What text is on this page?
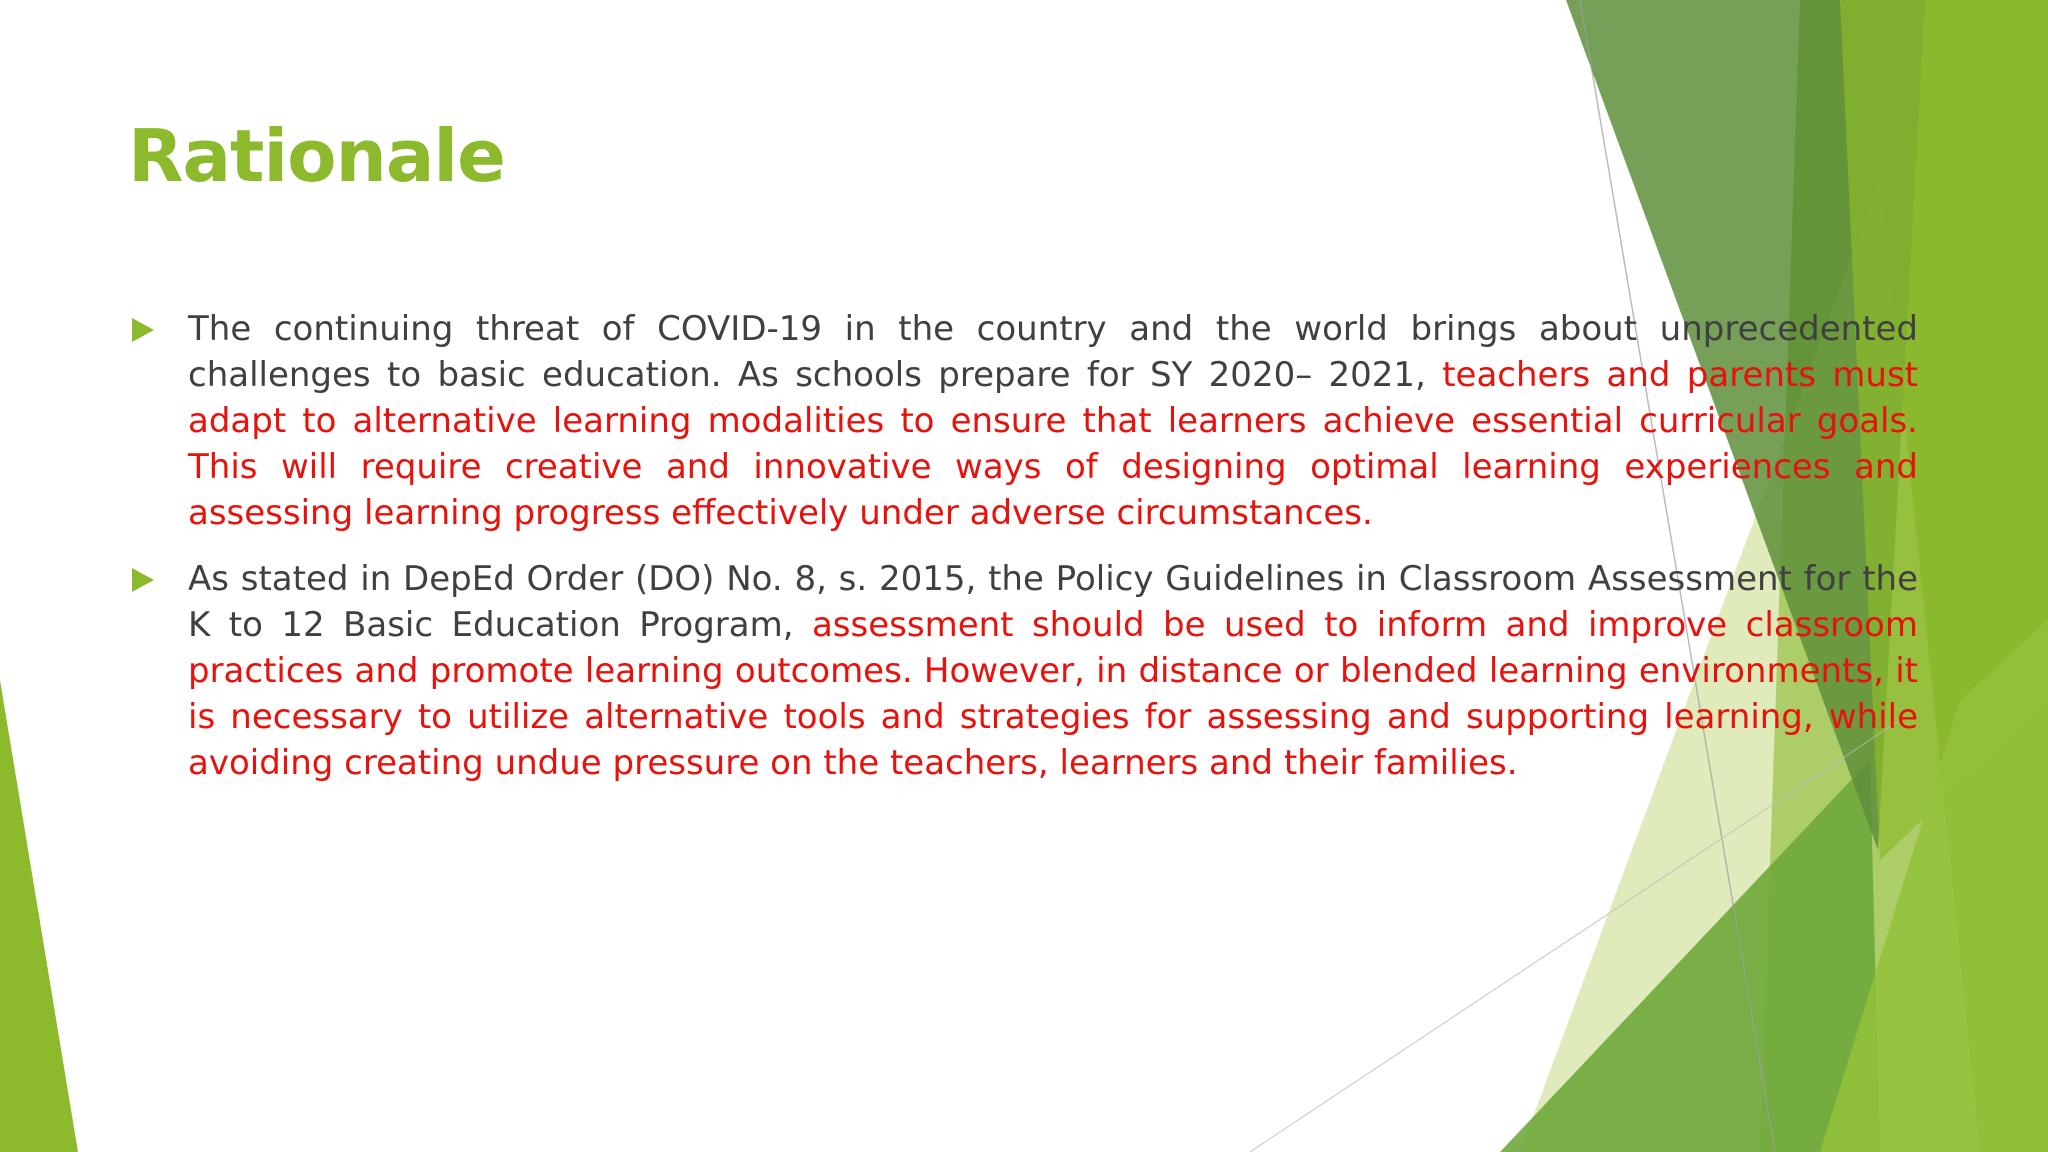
Rationale
The continuing threat of COVID-19 in the country and the world brings about unprecedented challenges to basic education. As schools prepare for SY 2020– 2021, teachers and parents must adapt to alternative learning modalities to ensure that learners achieve essential curricular goals. This will require creative and innovative ways of designing optimal learning experiences and assessing learning progress effectively under adverse circumstances.
As stated in DepEd Order (DO) No. 8, s. 2015, the Policy Guidelines in Classroom Assessment for the K to 12 Basic Education Program, assessment should be used to inform and improve classroom practices and promote learning outcomes. However, in distance or blended learning environments, it is necessary to utilize alternative tools and strategies for assessing and supporting learning, while avoiding creating undue pressure on the teachers, learners and their families.
